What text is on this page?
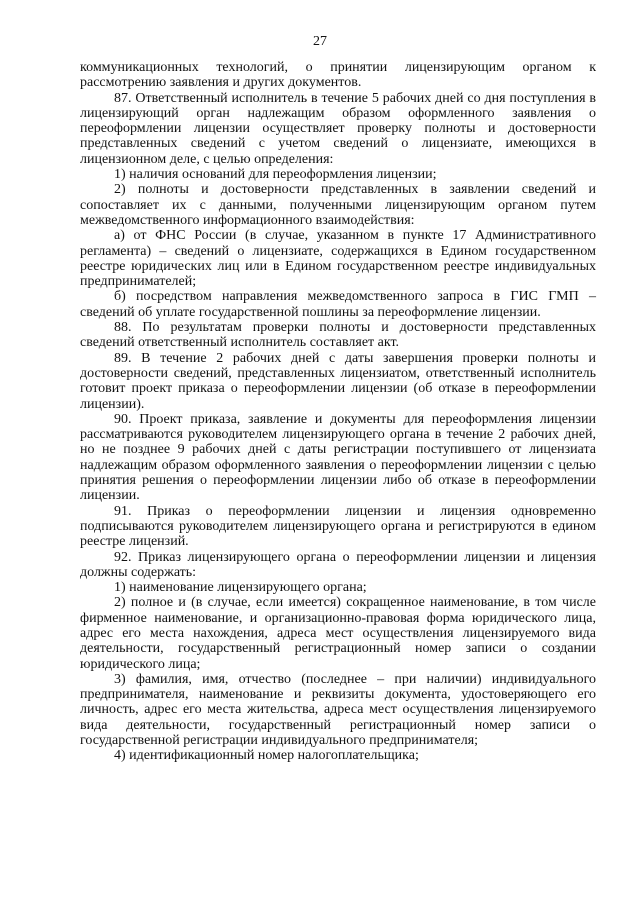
27

коммуникационных технологий, о принятии лицензирующим органом к рассмотрению заявления и других документов.

87. Ответственный исполнитель в течение 5 рабочих дней со дня поступления в лицензирующий орган надлежащим образом оформленного заявления о переоформлении лицензии осуществляет проверку полноты и достоверности представленных сведений с учетом сведений о лицензиате, имеющихся в лицензионном деле, с целью определения:

1) наличия оснований для переоформления лицензии;

2) полноты и достоверности представленных в заявлении сведений и сопоставляет их с данными, полученными лицензирующим органом путем межведомственного информационного взаимодействия:

а) от ФНС России (в случае, указанном в пункте 17 Административного регламента) – сведений о лицензиате, содержащихся в Едином государственном реестре юридических лиц или в Едином государственном реестре индивидуальных предпринимателей;

б) посредством направления межведомственного запроса в ГИС ГМП – сведений об уплате государственной пошлины за переоформление лицензии.

88. По результатам проверки полноты и достоверности представленных сведений ответственный исполнитель составляет акт.

89. В течение 2 рабочих дней с даты завершения проверки полноты и достоверности сведений, представленных лицензиатом, ответственный исполнитель готовит проект приказа о переоформлении лицензии (об отказе в переоформлении лицензии).

90. Проект приказа, заявление и документы для переоформления лицензии рассматриваются руководителем лицензирующего органа в течение 2 рабочих дней, но не позднее 9 рабочих дней с даты регистрации поступившего от лицензиата надлежащим образом оформленного заявления о переоформлении лицензии с целью принятия решения о переоформлении лицензии либо об отказе в переоформлении лицензии.

91. Приказ о переоформлении лицензии и лицензия одновременно подписываются руководителем лицензирующего органа и регистрируются в едином реестре лицензий.

92. Приказ лицензирующего органа о переоформлении лицензии и лицензия должны содержать:

1) наименование лицензирующего органа;

2) полное и (в случае, если имеется) сокращенное наименование, в том числе фирменное наименование, и организационно-правовая форма юридического лица, адрес его места нахождения, адреса мест осуществления лицензируемого вида деятельности, государственный регистрационный номер записи о создании юридического лица;

3) фамилия, имя, отчество (последнее – при наличии) индивидуального предпринимателя, наименование и реквизиты документа, удостоверяющего его личность, адрес его места жительства, адреса мест осуществления лицензируемого вида деятельности, государственный регистрационный номер записи о государственной регистрации индивидуального предпринимателя;

4) идентификационный номер налогоплательщика;
